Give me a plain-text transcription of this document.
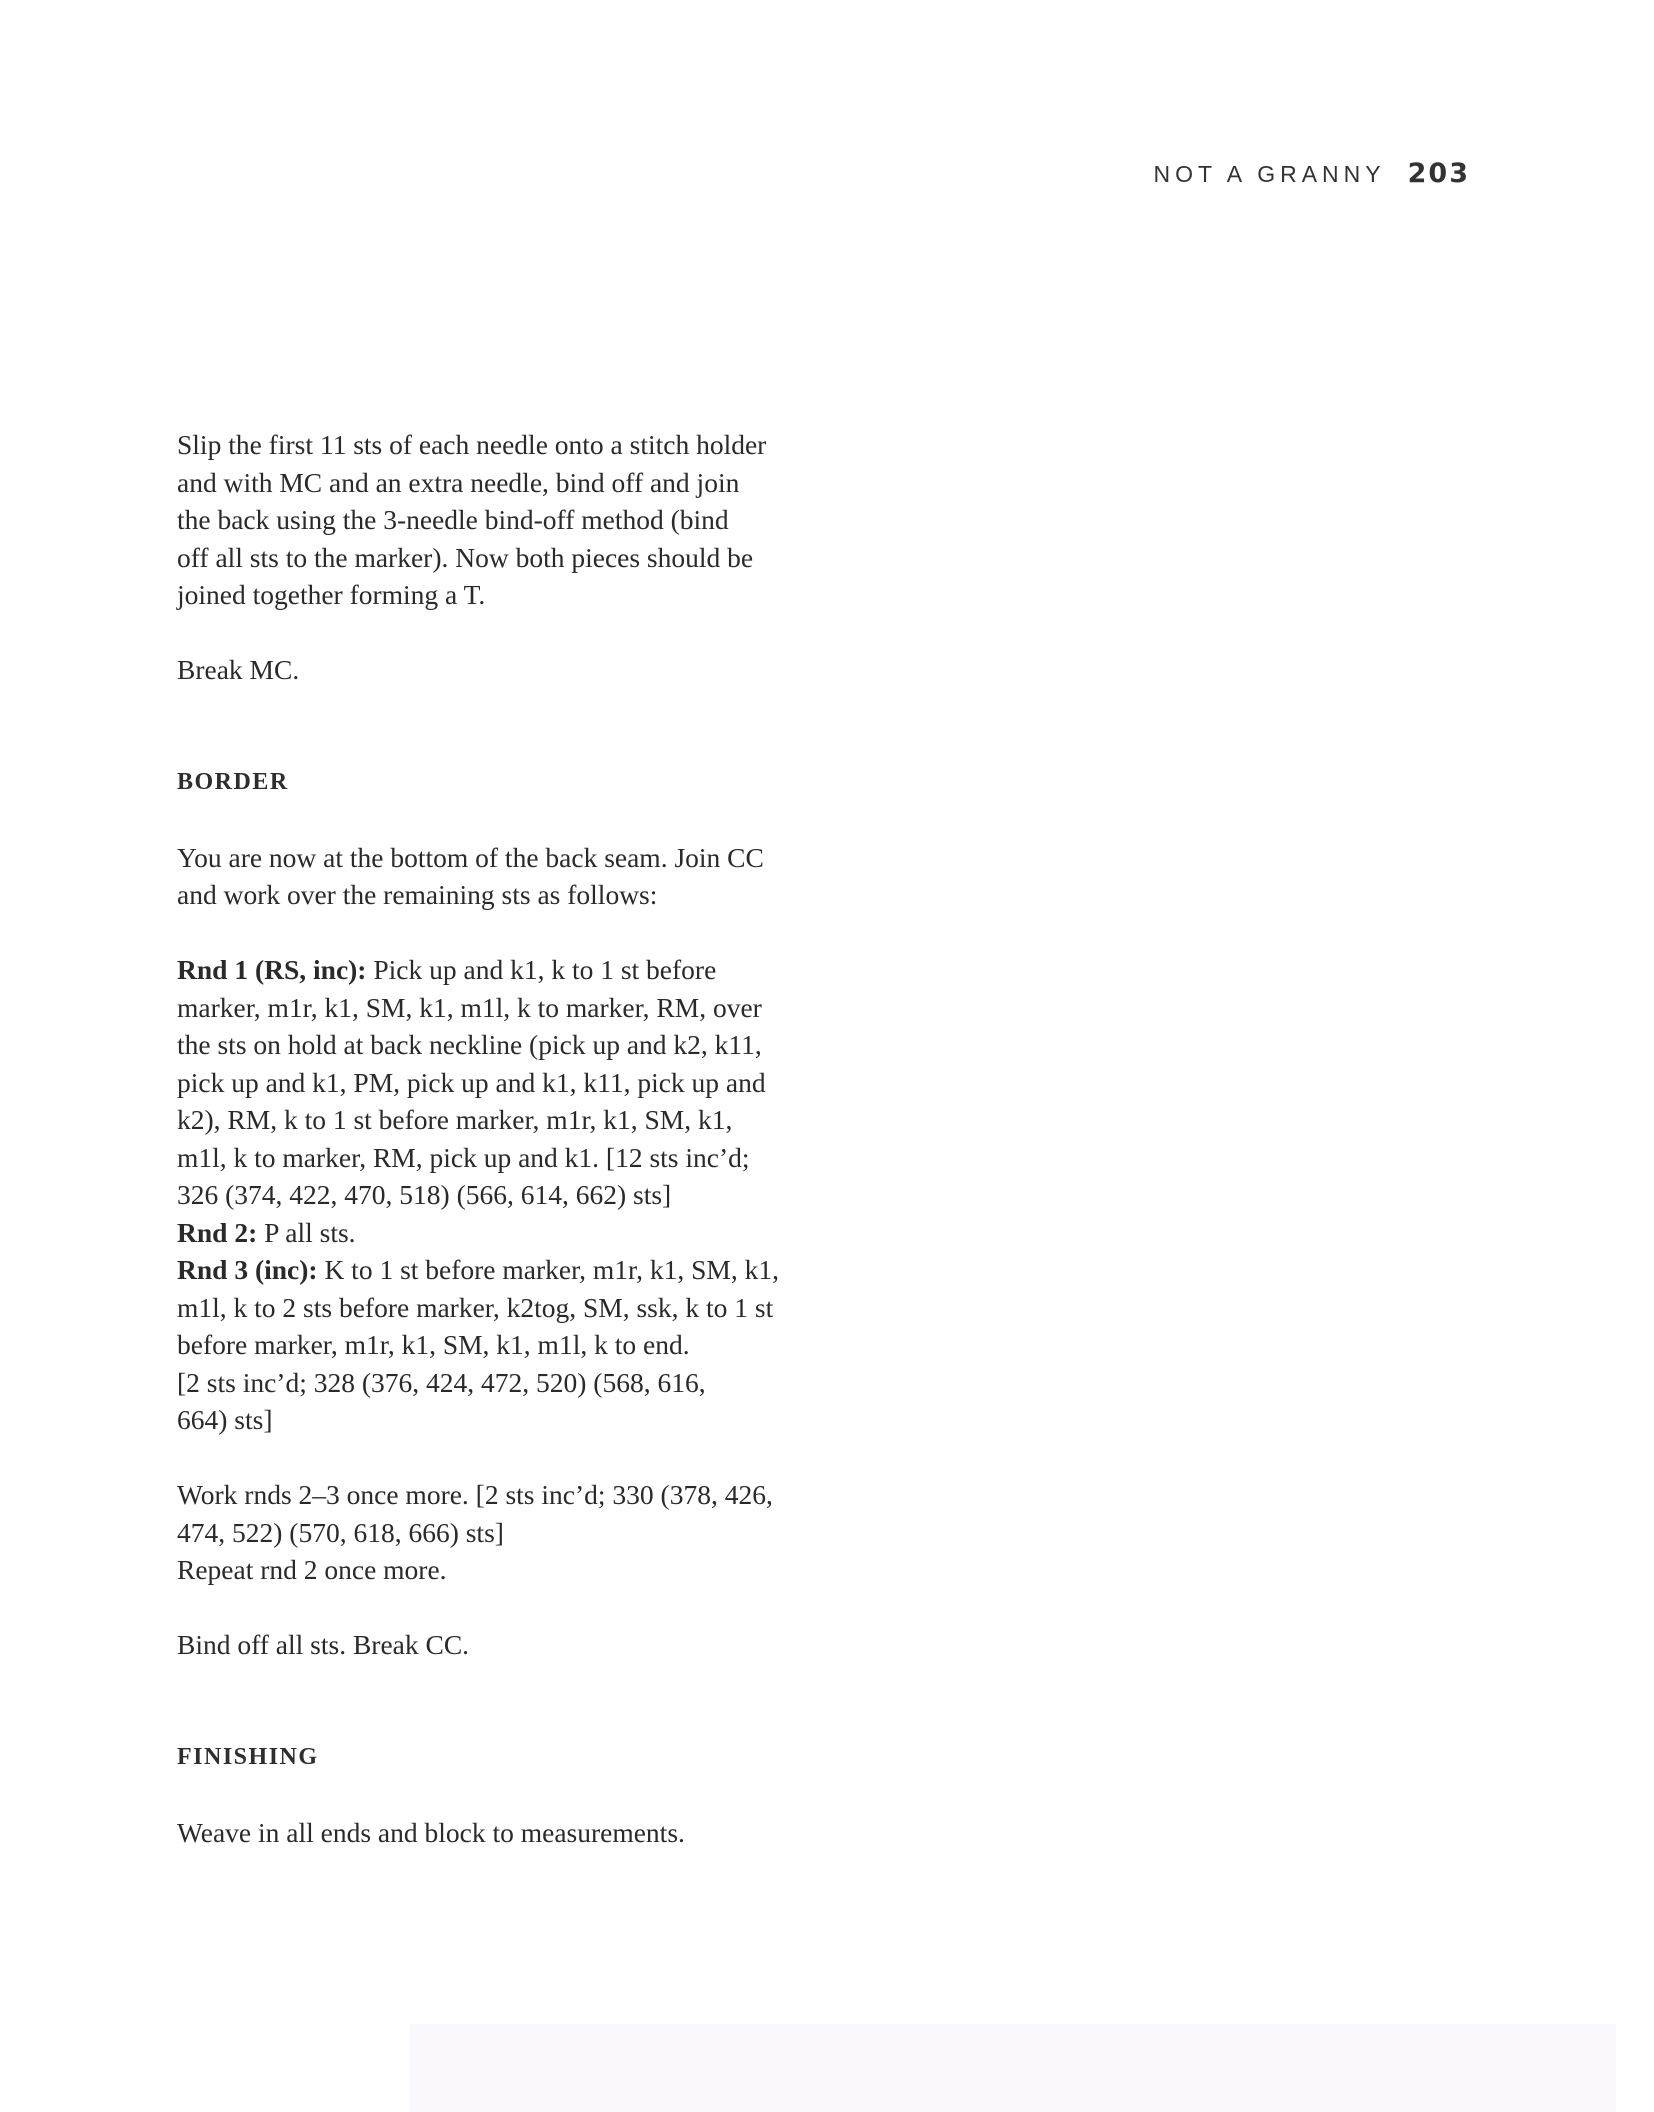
NOT A GRANNY 203

Slip the first 11 sts of each needle onto a stitch holder
and with MC and an extra needle, bind off and join
the back using the 3-needle bind-off method (bind
off all sts to the marker). Now both pieces should be
joined together forming a T.

Break MC.

BORDER

You are now at the bottom of the back seam. Join CC
and work over the remaining sts as follows:

Rnd 1 (RS, inc): Pick up and k1, k to 1 st before
marker, m1r, k1, SM, k1, m1l, k to marker, RM, over
the sts on hold at back neckline (pick up and k2, k11,
pick up and k1, PM, pick up and k1, k11, pick up and
k2), RM, k to 1 st before marker, m1r, k1, SM, k1,
m1l, k to marker, RM, pick up and k1. [12 sts inc’d;
326 (374, 422, 470, 518) (566, 614, 662) sts]
Rnd 2: P all sts.
Rnd 3 (inc): K to 1 st before marker, m1r, k1, SM, k1,
m1l, k to 2 sts before marker, k2tog, SM, ssk, k to 1 st
before marker, m1r, k1, SM, k1, m1l, k to end.
[2 sts inc’d; 328 (376, 424, 472, 520) (568, 616,
664) sts]

Work rnds 2–3 once more. [2 sts inc’d; 330 (378, 426,
474, 522) (570, 618, 666) sts]
Repeat rnd 2 once more.

Bind off all sts. Break CC.

FINISHING

Weave in all ends and block to measurements.
